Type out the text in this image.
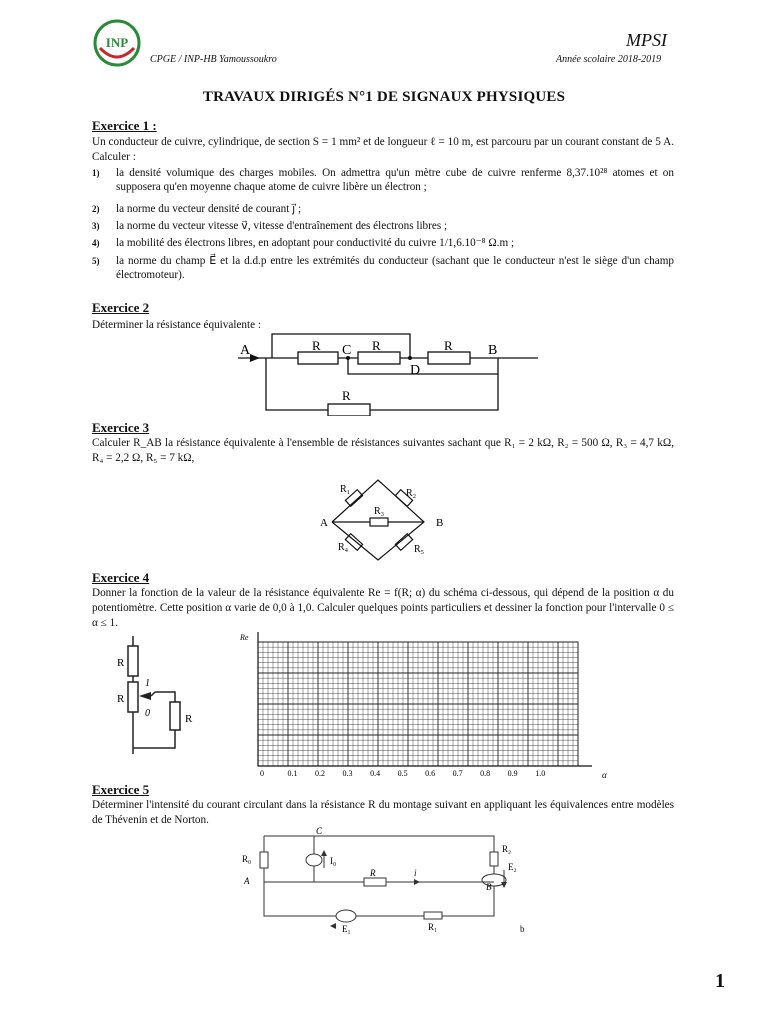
INP
CPGE / INP-HB Yamoussoukro
MPSI
Année scolaire 2018-2019
TRAVAUX DIRIGÉS N°1 DE SIGNAUX PHYSIQUES
Exercice 1 :
Un conducteur de cuivre, cylindrique, de section S = 1 mm² et de longueur ℓ = 10 m, est parcouru par un courant constant de 5 A. Calculer :
1) la densité volumique des charges mobiles. On admettra qu'un mètre cube de cuivre renferme 8,37.10²⁸ atomes et on supposera qu'en moyenne chaque atome de cuivre libère un électron ;
2) la norme du vecteur densité de courant j⃗ ;
3) la norme du vecteur vitesse v⃗, vitesse d'entraînement des électrons libres ;
4) la mobilité des électrons libres, en adoptant pour conductivité du cuivre 1/1,6.10⁻⁸ Ω.m ;
5) la norme du champ E⃗ et la d.d.p entre les extrémités du conducteur (sachant que le conducteur n'est le siège d'un champ électromoteur).
Exercice 2
Déterminer la résistance équivalente :
A	B
C
D
R	R	R
R
Exercice 3
Calculer R_AB la résistance équivalente à l'ensemble de résistances suivantes sachant que R₁ = 2 kΩ, R₂ = 500 Ω, R₃ = 4,7 kΩ, R₄ = 2,2 Ω, R₅ = 7 kΩ,
A	B
R₁	R₂
R₃
R₄	R₅
Exercice 4
Donner la fonction de la valeur de la résistance équivalente Re = f(R; α) du schéma ci-dessous, qui dépend de la position α du potentiomètre. Cette position α varie de 0,0 à 1,0. Calculer quelques points particuliers et dessiner la fonction pour l'intervalle 0 ≤ α ≤ 1.
R
R
R
1
0
Re
α
0	0.1 0.2 0.3 0.4 0.5 0.6 0.7 0.8 0.9 1.0
Exercice 5
Déterminer l'intensité du courant circulant dans la résistance R du montage suivant en appliquant les équivalences entre modèles de Thévenin et de Norton.
C
A
B
R₀	I₀
R	i
R₂
E₂
E₁	R₁	b
1
